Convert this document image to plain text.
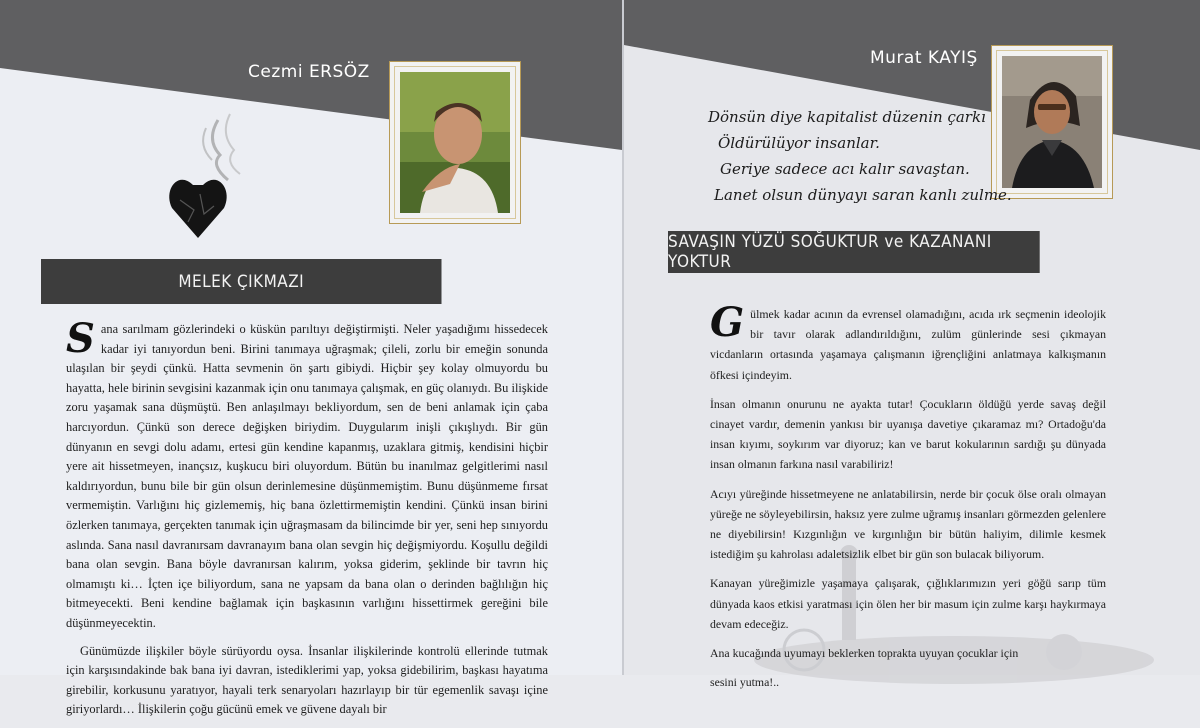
Cezmi ERSÖZ
MELEK ÇIKMAZI

Sana sarılmam gözlerindeki o küskün parıltıyı değiştirmişti. Neler yaşadığımı hissedecek kadar iyi tanıyordun beni. Birini tanımaya uğraşmak; çileli, zorlu bir emeğin sonunda ulaşılan bir şeydi çünkü. Hatta sevmenin ön şartı gibiydi. Hiçbir şey kolay olmuyordu bu hayatta, hele birinin sevgisini kazanmak için onu tanımaya çalışmak, en güç olanıydı. Bu ilişkide zoru yaşamak sana düşmüştü. Ben anlaşılmayı bekliyordum, sen de beni anlamak için çaba harcıyordun. Çünkü son derece değişken biriydim. Duygularım inişli çıkışlıydı. Bir gün dünyanın en sevgi dolu adamı, ertesi gün kendine kapanmış, uzaklara gitmiş, kendisini hiçbir yere ait hissetmeyen, inançsız, kuşkucu biri oluyordum. Bütün bu inanılmaz gelgitlerimi nasıl kaldırıyordun, bunu bile bir gün olsun derinlemesine düşünmemiştim. Bunu düşünmeme fırsat vermemiştin. Varlığını hiç gizlememiş, hiç bana özlettirmemiştin kendini. Çünkü insan birini özlerken tanımaya, gerçekten tanımak için uğraşmasam da bilincimde bir yer, seni hep sınıyordu aslında. Sana nasıl davranırsam davranayım bana olan sevgin hiç değişmiyordu. Koşullu değildi bana olan sevgin. Bana böyle davranırsan kalırım, yoksa giderim, şeklinde bir tavrın hiç olmamıştı ki… İçten içe biliyordum, sana ne yapsam da bana olan o derinden bağlılığın hiç bitmeyecekti. Beni kendine bağlamak için başkasının varlığını hissettirmek gereğini bile düşünmeyecektin.

Günümüzde ilişkiler böyle sürüyordu oysa. İnsanlar ilişkilerinde kontrolü ellerinde tutmak için karşısındakinde bak bana iyi davran, istediklerimi yap, yoksa gidebilirim, başkası hayatıma girebilir, korkusunu yaratıyor, hayali terk senaryoları hazırlayıp bir tür egemenlik savaşı içine giriyorlardı… İlişkilerin çoğu gücünü emek ve güvene dayalı bir

Murat KAYIŞ
Dönsün diye kapitalist düzenin çarkı
Öldürülüyor insanlar.
Geriye sadece acı kalır savaştan.
Lanet olsun dünyayı saran kanlı zulme.
SAVAŞIN YÜZÜ SOĞUKTUR ve KAZANANI YOKTUR

Gülmek kadar acının da evrensel olamadığını, acıda ırk seçmenin ideolojik bir tavır olarak adlandırıldığını, zulüm günlerinde sesi çıkmayan vicdanların ortasında yaşamaya çalışmanın iğrençliğini anlatmaya kalkışmanın öfkesi içindeyim.

İnsan olmanın onurunu ne ayakta tutar! Çocukların öldüğü yerde savaş değil cinayet vardır, demenin yankısı bir uyanışa davetiye çıkaramaz mı? Ortadoğu'da insan kıyımı, soykırım var diyoruz; kan ve barut kokularının sardığı şu dünyada insan olmanın farkına nasıl varabiliriz!

Acıyı yüreğinde hissetmeyene ne anlatabilirsin, nerde bir çocuk ölse oralı olmayan yüreğe ne söyleyebilirsin, haksız yere zulme uğramış insanları görmezden gelenlere ne diyebilirsin! Kızgınlığın ve kırgınlığın bir bütün haliyim, dilimle kesmek istediğim şu kahrolası adaletsizlik elbet bir gün son bulacak biliyorum.

Kanayan yüreğimizle yaşamaya çalışarak, çığlıklarımızın yeri göğü sarıp tüm dünyada kaos etkisi yaratması için ölen her bir masum için zulme karşı haykırmaya devam edeceğiz.

Ana kucağında uyumayı beklerken toprakta uyuyan çocuklar için

sesini yutma!..
